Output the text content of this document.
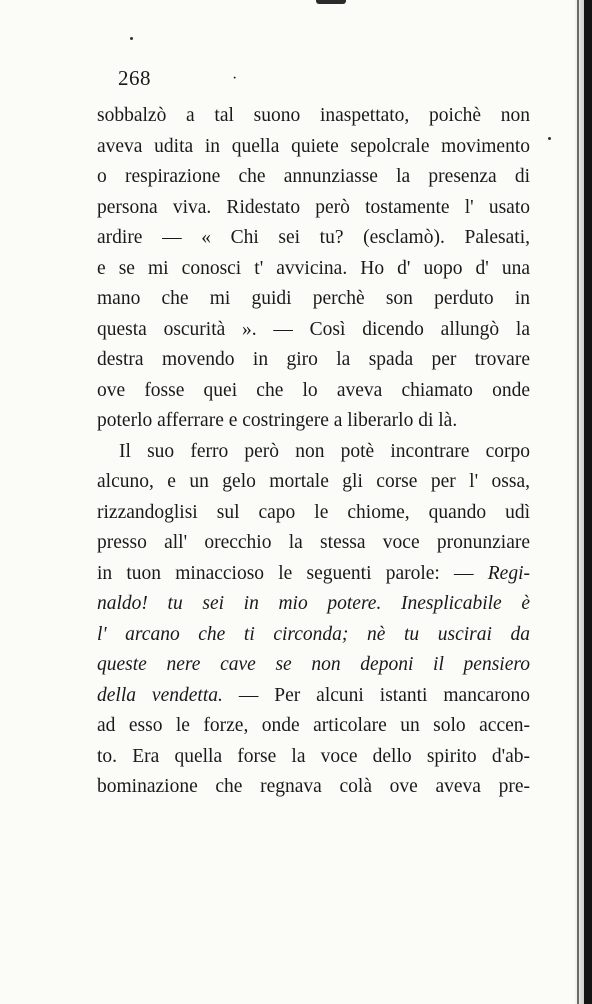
268	·
sobbalzò a tal suono inaspettato, poichè non
aveva udita in quella quiete sepolcrale movimento
o respirazione che annunziasse la presenza di
persona viva. Ridestato però tostamente l' usato
ardire — « Chi sei tu? (esclamò). Palesati,
e se mi conosci t' avvicina. Ho d' uopo d' una
mano che mi guidi perchè son perduto in
questa oscurità ». — Così dicendo allungò la
destra movendo in giro la spada per trovare
ove fosse quei che lo aveva chiamato onde
poterlo afferrare e costringere a liberarlo di là.
Il suo ferro però non potè incontrare corpo
alcuno, e un gelo mortale gli corse per l' ossa,
rizzandoglisi sul capo le chiome, quando udì
presso all' orecchio la stessa voce pronunziare
in tuon minaccioso le seguenti parole: — Regi-
naldo! tu sei in mio potere. Inesplicabile è
l' arcano che ti circonda; nè tu uscirai da
queste nere cave se non deponi il pensiero
della vendetta. — Per alcuni istanti mancarono
ad esso le forze, onde articolare un solo accen-
to. Era quella forse la voce dello spirito d'ab-
bominazione che regnava colà ove aveva pre-
